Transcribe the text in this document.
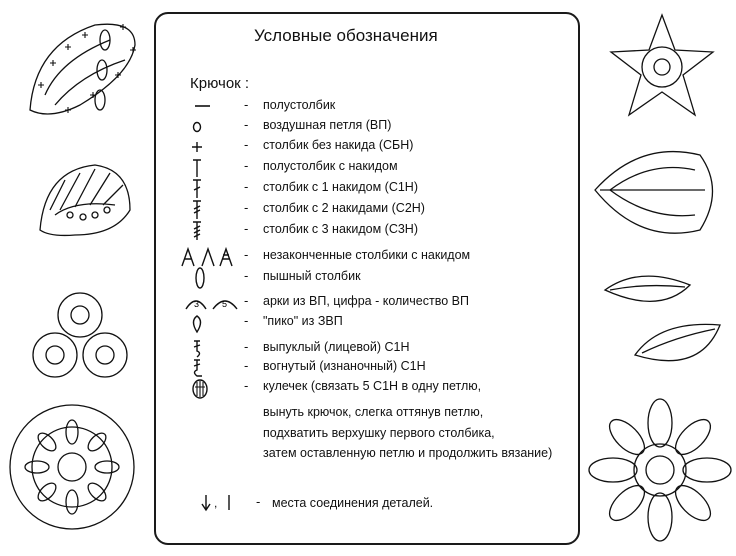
Условные обозначения
Крючок :
- полустолбик
- воздушная петля (ВП)
- столбик без накида (СБН)
- полустолбик с накидом
- столбик с 1 накидом (С1Н)
- столбик с 2 накидами (С2Н)
- столбик с 3 накидом (С3Н)
- незаконченные столбики с накидом
- пышный столбик
3	5 - арки из ВП, цифра - количество ВП
- "пико" из ЗВП
- выпуклый (лицевой) С1Н
- вогнутый (изнаночный) С1Н
- кулечек (связать 5 С1Н в одну петлю,
вынуть крючок, слегка оттянув петлю,
подхватить верхушку первого столбика,
затем оставленную петлю и продолжить вязание)
,	- места соединения деталей.
